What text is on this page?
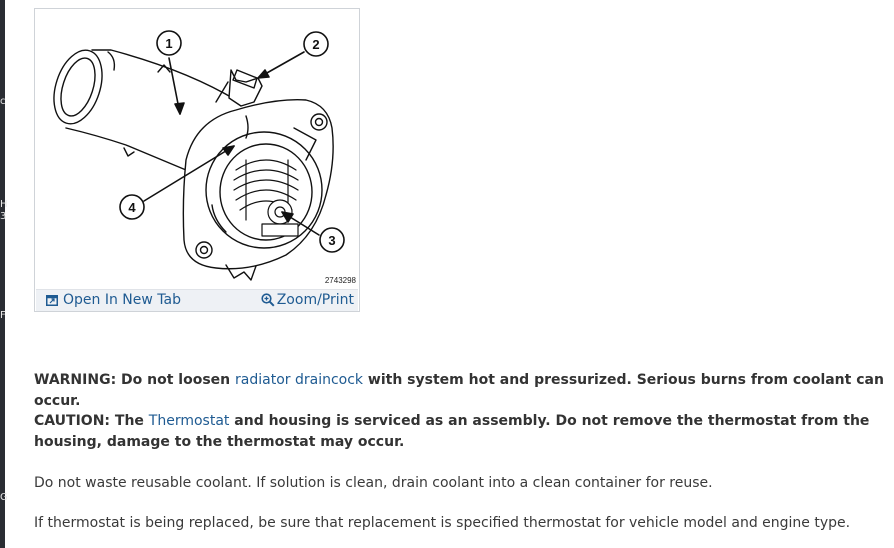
c
H
3
F
G
1	2
3
4
2743298
Open In New Tab	Zoom/Print

WARNING: Do not loosen radiator draincock with system hot and pressurized. Serious burns from coolant can occur.

CAUTION: The Thermostat and housing is serviced as an assembly. Do not remove the thermostat from the housing, damage to the thermostat may occur.

Do not waste reusable coolant. If solution is clean, drain coolant into a clean container for reuse.

If thermostat is being replaced, be sure that replacement is specified thermostat for vehicle model and engine type.
